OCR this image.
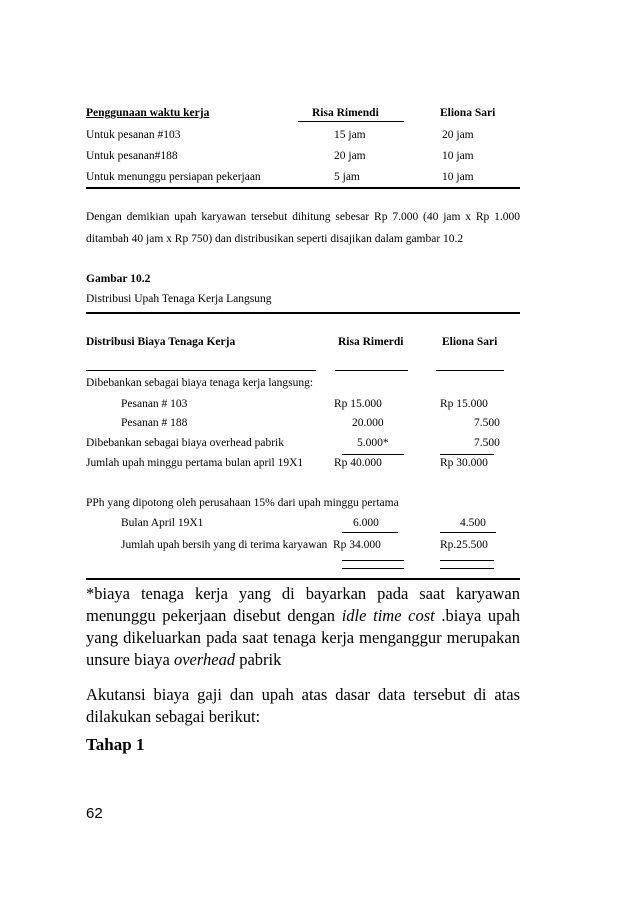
Penggunaan waktu kerja	Risa Rimendi	Eliona Sari
Untuk pesanan #103	15 jam	20 jam
Untuk pesanan#188	20 jam	10 jam
Untuk menunggu persiapan pekerjaan	5 jam	10 jam
Dengan demikian upah karyawan tersebut dihitung sebesar Rp 7.000 (40 jam x Rp 1.000 ditambah 40 jam x Rp 750) dan distribusikan seperti disajikan dalam gambar 10.2
Gambar 10.2
Distribusi Upah Tenaga Kerja Langsung
Distribusi Biaya Tenaga Kerja	Risa Rimerdi	Eliona Sari
Dibebankan sebagai biaya tenaga kerja langsung:
Pesanan # 103	Rp 15.000	Rp 15.000
Pesanan # 188	20.000	7.500
Dibebankan sebagai biaya overhead pabrik	5.000*	7.500
Jumlah upah minggu pertama bulan april 19X1	Rp 40.000	Rp 30.000
PPh yang dipotong oleh perusahaan 15% dari upah minggu pertama
Bulan April 19X1	6.000	4.500
Jumlah upah bersih yang di terima karyawan Rp 34.000	Rp.25.500
*biaya tenaga kerja yang di bayarkan pada saat karyawan menunggu pekerjaan disebut dengan idle time cost .biaya upah yang dikeluarkan pada saat tenaga kerja menganggur merupakan unsure biaya overhead pabrik
Akutansi biaya gaji dan upah atas dasar data tersebut di atas dilakukan sebagai berikut:
Tahap 1
62
